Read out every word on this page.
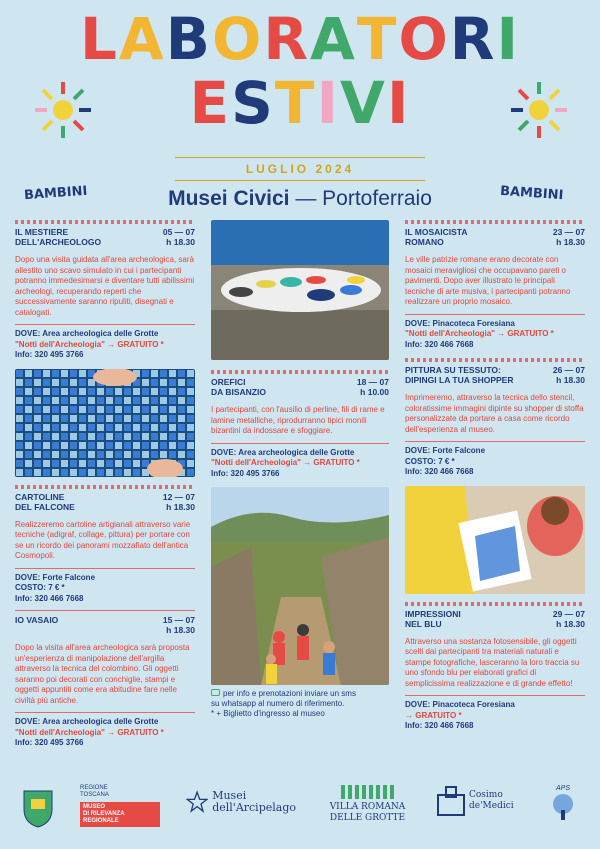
LABORATORI
ESTIVI
LUGLIO 2024
BAMBINI	BAMBINI
Musei Civici — Portoferraio
IL MESTIERE
DELL'ARCHEOLOGO
05 — 07
h 18.30
Dopo una visita guidata all'area archeologica, sarà allestito uno scavo simulato in cui i partecipanti potranno immedesimarsi e diventare tutti abilissimi archeologi, recuperando reperti che successivamente saranno ripuliti, disegnati e catalogati.
DOVE: Area archeologica delle Grotte
"Notti dell'Archeologia" → GRATUITO *
Info: 320 495 3766
CARTOLINE
DEL FALCONE
12 — 07
h 18.30
Realizzeremo cartoline artigianali attraverso varie tecniche (adigraf, collage, pittura) per portare con se un ricordo dei panorami mozzafiato dell'antica Cosmopoli.
DOVE: Forte Falcone
COSTO: 7 € *
Info: 320 466 7668
IO VASAIO	15 — 07
h 18.30
Dopo la visita all'area archeologica sarà proposta un'esperienza di manipolazione dell'argilla attraverso la tecnica del colombino. Gli oggetti saranno poi decorati con conchiglie, stampi e oggetti appuntiti come era abitudine fare nelle civiltà più antiche.
DOVE: Area archeologica delle Grotte
"Notti dell'Archeologia" → GRATUITO *
Info: 320 495 3766
OREFICI
DA BISANZIO
18 — 07
h 10.00
I partecipanti, con l'ausilio di perline, fili di rame e lamine metalliche, riprodurranno tipici monili bizantini da indossare e sfoggiare.
DOVE: Area archeologica delle Grotte
"Notti dell'Archeologia" → GRATUITO *
Info: 320 495 3766
per info e prenotazioni inviare un sms
su whatsapp al numero di riferimento.
* + Biglietto d'ingresso al museo
IL MOSAICISTA
ROMANO
23 — 07
h 18.30
Le ville patrizie romane erano decorate con mosaici meravigliosi che occupavano pareti o pavimenti. Dopo aver illustrato le principali tecniche di arte musiva, i partecipanti potranno realizzare un proprio mosaico.
DOVE: Pinacoteca Foresiana
"Notti dell'Archeologia" → GRATUITO *
Info: 320 466 7668
PITTURA SU TESSUTO:
DIPINGI LA TUA SHOPPER
26 — 07
h 18.30
Imprimeremo, attraverso la tecnica dello stencil, coloratissime immagini dipinte su shopper di stoffa personalizzate da portare a casa come ricordo dell'esperienza al museo.
DOVE: Forte Falcone
COSTO: 7 € *
Info: 320 466 7668
IMPRESSIONI
NEL BLU
29 — 07
h 18.30
Attraverso una sostanza fotosensibile, gli oggetti scelti dai partecipanti tra materiali naturali e stampe fotografiche, lasceranno la loro traccia su uno sfondo blu per elaborati grafici di semplicissima realizzazione e di grande effetto!
DOVE: Pinacoteca Foresiana
→ GRATUITO *
Info: 320 466 7668
REGIONE
TOSCANA
MUSEO
DI RILEVANZA
REGIONALE
Musei
dell'Arcipelago	VILLA ROMANA
DELLE GROTTE
Cosimo
de'Medici
APS
